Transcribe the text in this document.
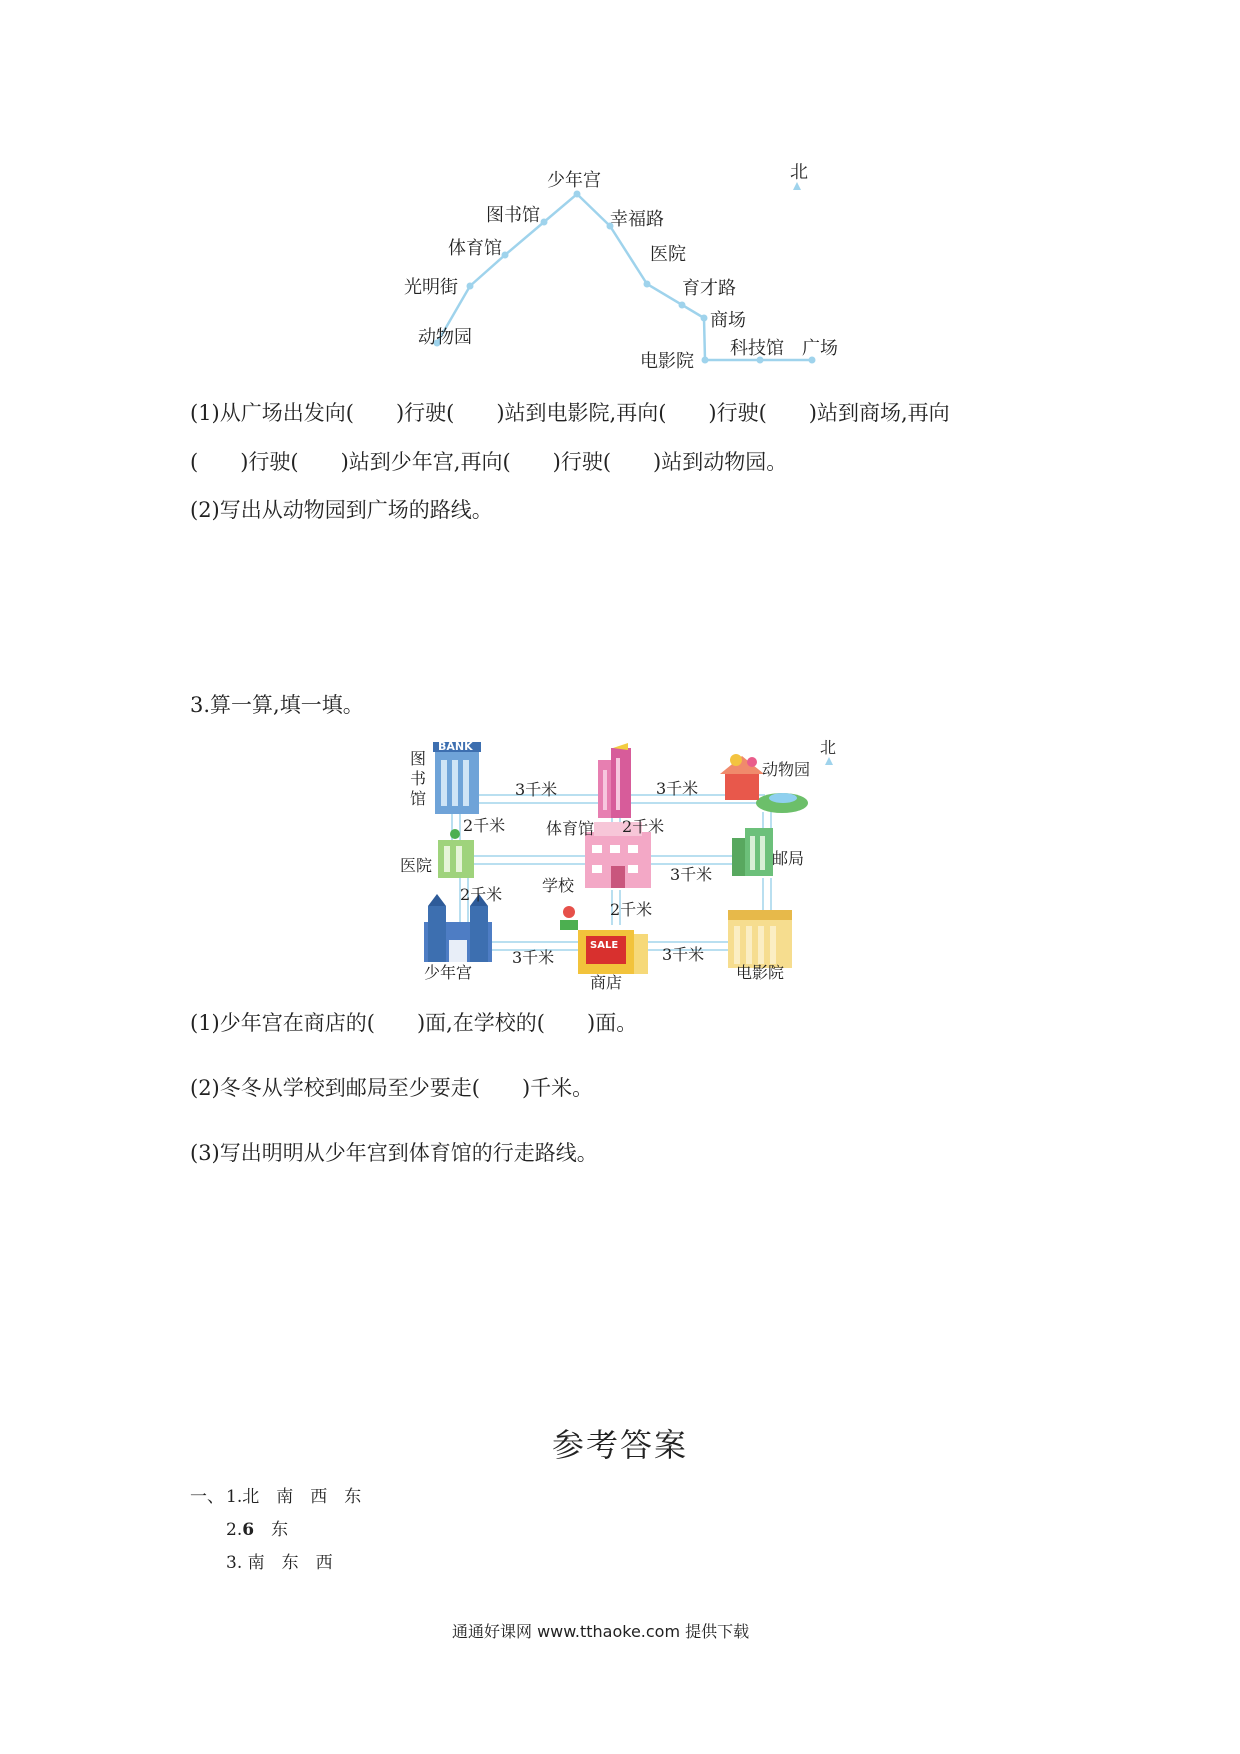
北
少年宫
图书馆
体育馆
光明街
动物园
幸福路
医院
育才路
商场
电影院
科技馆 广场
(1)从广场出发向(　　)行驶(　　)站到电影院,再向(　　)行驶(　　)站到商场,再向
(　　)行驶(　　)站到少年宫,再向(　　)行驶(　　)站到动物园。
(2)写出从动物园到广场的路线。
3.算一算,填一填。
BANK
SALE
北
图
书
馆
体育馆
动物园
医院
学校
邮局
少年宫
商店
电影院
3千米	3千米
2千米	2千米
3千米
2千米
2千米
3千米	3千米
(1)少年宫在商店的(　　)面,在学校的(　　)面。
(2)冬冬从学校到邮局至少要走(　　)千米。
(3)写出明明从少年宫到体育馆的行走路线。
参考答案
一、 1.北　南　西　东
2.6　东
3. 南　东　西
通通好课网 www.tthaoke.com 提供下载
